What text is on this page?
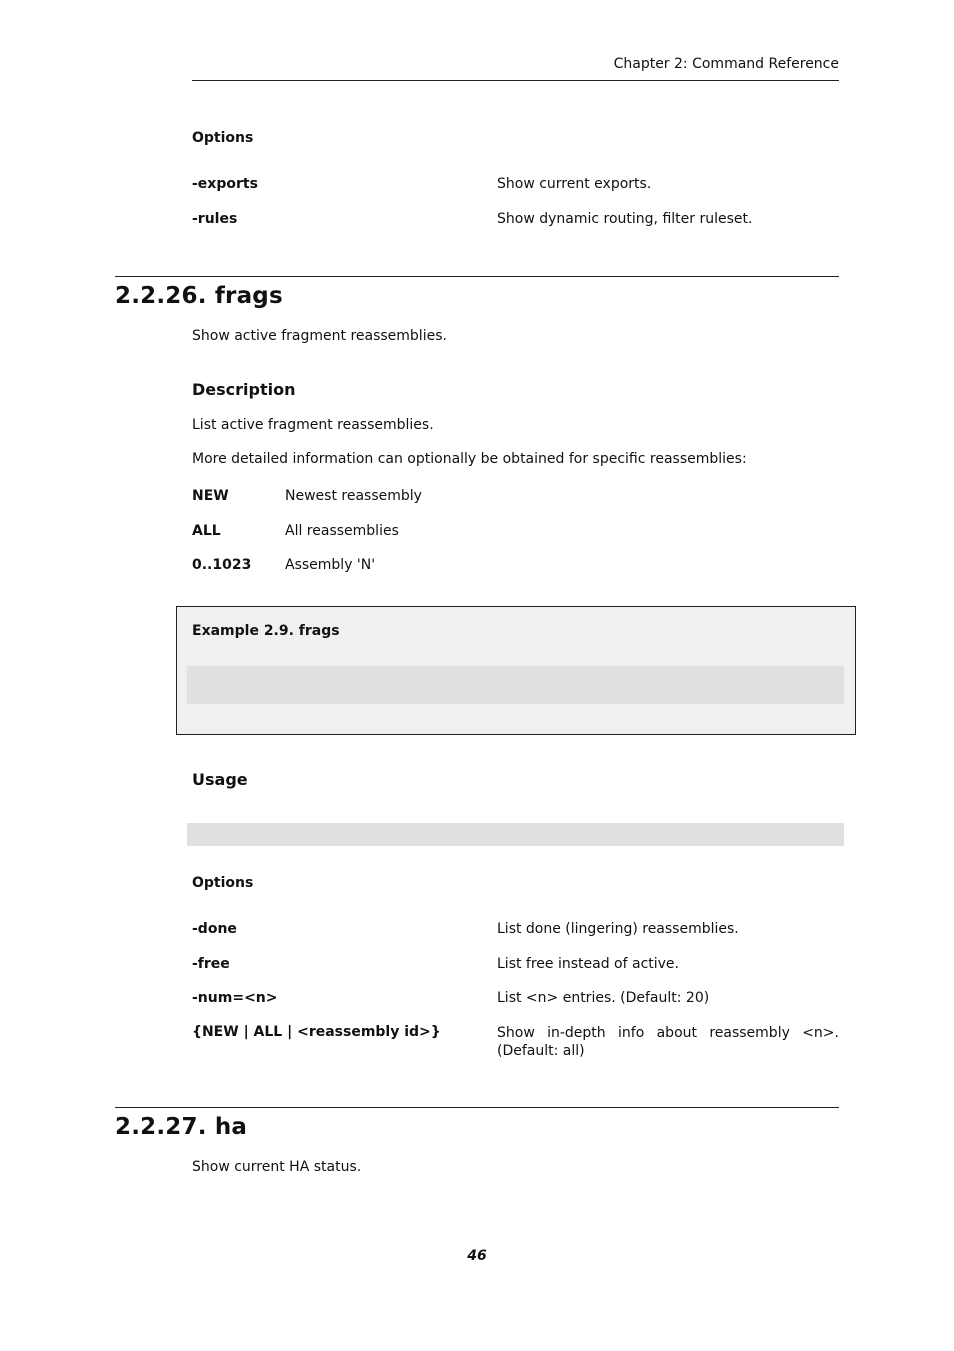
Chapter 2: Command Reference
Options
-exports	Show current exports.
-rules	Show dynamic routing, filter ruleset.
2.2.26. frags
Show active fragment reassemblies.
Description
List active fragment reassemblies.
More detailed information can optionally be obtained for specific reassemblies:
NEW	Newest reassembly
ALL	All reassemblies
0..1023 Assembly 'N'
Example 2.9. frags
Usage
Options
-done	List done (lingering) reassemblies.
-free	List free instead of active.
-num=<n>	List <n> entries. (Default: 20)
{NEW | ALL | <reassembly id>}	Show in-depth info about reassembly <n>. (Default: all)
2.2.27. ha
Show current HA status.
46
